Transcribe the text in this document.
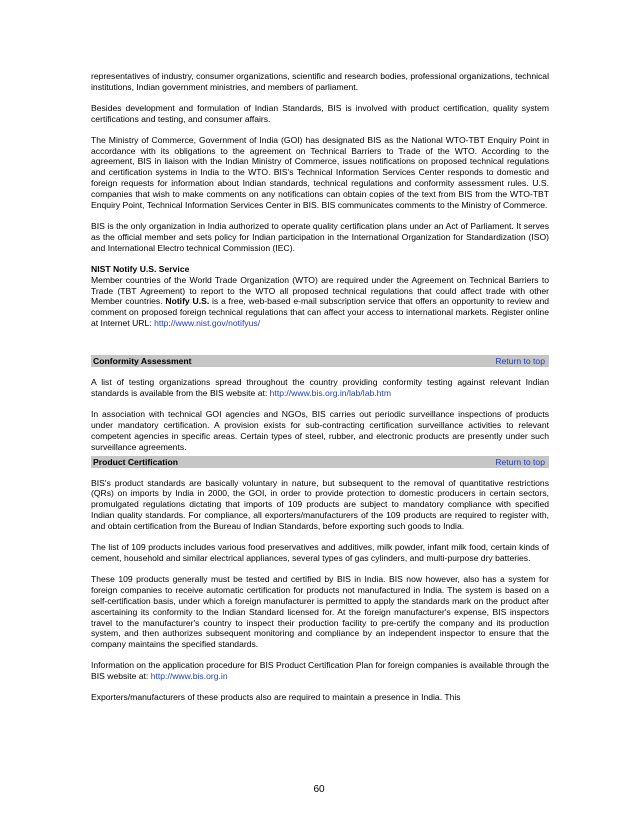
representatives of industry, consumer organizations, scientific and research bodies, professional organizations, technical institutions, Indian government ministries, and members of parliament.

Besides development and formulation of Indian Standards, BIS is involved with product certification, quality system certifications and testing, and consumer affairs.

The Ministry of Commerce, Government of India (GOI) has designated BIS as the National WTO-TBT Enquiry Point in accordance with its obligations to the agreement on Technical Barriers to Trade of the WTO. According to the agreement, BIS in liaison with the Indian Ministry of Commerce, issues notifications on proposed technical regulations and certification systems in India to the WTO. BIS's Technical Information Services Center responds to domestic and foreign requests for information about Indian standards, technical regulations and conformity assessment rules. U.S. companies that wish to make comments on any notifications can obtain copies of the text from BIS from the WTO-TBT Enquiry Point, Technical Information Services Center in BIS. BIS communicates comments to the Ministry of Commerce.

BIS is the only organization in India authorized to operate quality certification plans under an Act of Parliament. It serves as the official member and sets policy for Indian participation in the International Organization for Standardization (ISO) and International Electro technical Commission (IEC).

NIST Notify U.S. Service
Member countries of the World Trade Organization (WTO) are required under the Agreement on Technical Barriers to Trade (TBT Agreement) to report to the WTO all proposed technical regulations that could affect trade with other Member countries. Notify U.S. is a free, web-based e-mail subscription service that offers an opportunity to review and comment on proposed foreign technical regulations that can affect your access to international markets. Register online at Internet URL: http://www.nist.gov/notifyus/

Conformity Assessment	Return to top

A list of testing organizations spread throughout the country providing conformity testing against relevant Indian standards is available from the BIS website at: http://www.bis.org.in/lab/lab.htm

In association with technical GOI agencies and NGOs, BIS carries out periodic surveillance inspections of products under mandatory certification. A provision exists for sub-contracting certification surveillance activities to relevant competent agencies in specific areas. Certain types of steel, rubber, and electronic products are presently under such surveillance agreements.

Product Certification	Return to top

BIS's product standards are basically voluntary in nature, but subsequent to the removal of quantitative restrictions (QRs) on imports by India in 2000, the GOI, in order to provide protection to domestic producers in certain sectors, promulgated regulations dictating that imports of 109 products are subject to mandatory compliance with specified Indian quality standards. For compliance, all exporters/manufacturers of the 109 products are required to register with, and obtain certification from the Bureau of Indian Standards, before exporting such goods to India.

The list of 109 products includes various food preservatives and additives, milk powder, infant milk food, certain kinds of cement, household and similar electrical appliances, several types of gas cylinders, and multi-purpose dry batteries.

These 109 products generally must be tested and certified by BIS in India. BIS now however, also has a system for foreign companies to receive automatic certification for products not manufactured in India. The system is based on a self-certification basis, under which a foreign manufacturer is permitted to apply the standards mark on the product after ascertaining its conformity to the Indian Standard licensed for. At the foreign manufacturer's expense, BIS inspectors travel to the manufacturer's country to inspect their production facility to pre-certify the company and its production system, and then authorizes subsequent monitoring and compliance by an independent inspector to ensure that the company maintains the specified standards.

Information on the application procedure for BIS Product Certification Plan for foreign companies is available through the BIS website at: http://www.bis.org.in

Exporters/manufacturers of these products also are required to maintain a presence in India. This

60
